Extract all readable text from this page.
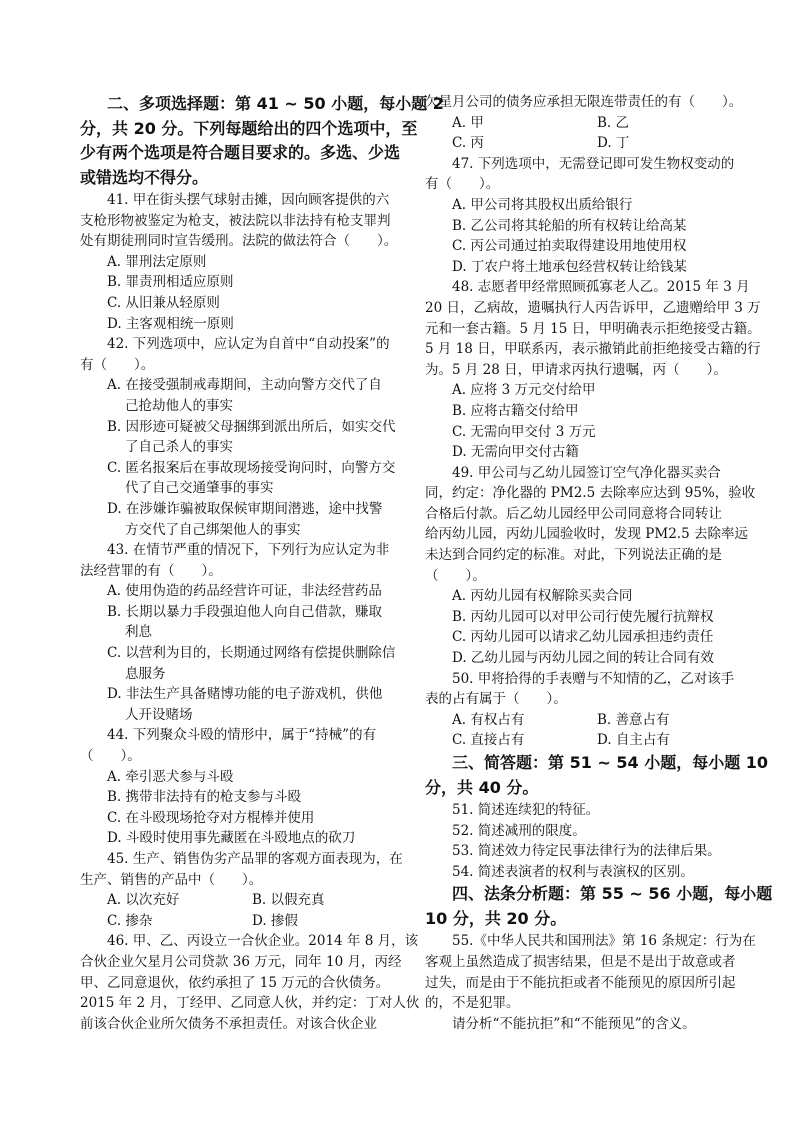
二、多项选择题：第 41 ~ 50 小题，每小题 2
分，共 20 分。下列每题给出的四个选项中，至
少有两个选项是符合题目要求的。多选、少选
或错选均不得分。
41. 甲在街头摆气球射击摊，因向顾客提供的六
支枪形物被鉴定为枪支，被法院以非法持有枪支罪判
处有期徒刑同时宣告缓刑。法院的做法符合（　　）。
A. 罪刑法定原则
B. 罪责刑相适应原则
C. 从旧兼从轻原则
D. 主客观相统一原则
42. 下列选项中，应认定为自首中“自动投案”的
有（　　）。
A. 在接受强制戒毒期间，主动向警方交代了自
己抢劫他人的事实
B. 因形迹可疑被父母捆绑到派出所后，如实交代
了自己杀人的事实
C. 匿名报案后在事故现场接受询问时，向警方交
代了自己交通肇事的事实
D. 在涉嫌诈骗被取保候审期间潜逃，途中找警
方交代了自己绑架他人的事实
43. 在情节严重的情况下，下列行为应认定为非
法经营罪的有（　　）。
A. 使用伪造的药品经营许可证，非法经营药品
B. 长期以暴力手段强迫他人向自己借款，赚取
利息
C. 以营利为目的，长期通过网络有偿提供删除信
息服务
D. 非法生产具备赌博功能的电子游戏机，供他
人开设赌场
44. 下列聚众斗殴的情形中，属于“持械”的有
（　　）。
A. 牵引恶犬参与斗殴
B. 携带非法持有的枪支参与斗殴
C. 在斗殴现场抢夺对方棍棒并使用
D. 斗殴时使用事先藏匿在斗殴地点的砍刀
45. 生产、销售伪劣产品罪的客观方面表现为，在
生产、销售的产品中（　　）。
A. 以次充好	B. 以假充真
C. 掺杂	D. 掺假
46. 甲、乙、丙设立一合伙企业。2014 年 8 月，该
合伙企业欠星月公司贷款 36 万元，同年 10 月，丙经
甲、乙同意退伙，依约承担了 15 万元的合伙债务。
2015 年 2 月，丁经甲、乙同意人伙，并约定：丁对人伙
前该合伙企业所欠债务不承担责任。对该合伙企业
欠星月公司的债务应承担无限连带责任的有（　　）。
A. 甲	B. 乙
C. 丙	D. 丁
47. 下列选项中，无需登记即可发生物权变动的
有（　　）。
A. 甲公司将其股权出质给银行
B. 乙公司将其轮船的所有权转让给高某
C. 丙公司通过拍卖取得建设用地使用权
D. 丁农户将土地承包经营权转让给钱某
48. 志愿者甲经常照顾孤寡老人乙。2015 年 3 月
20 日，乙病故，遗嘱执行人丙告诉甲，乙遗赠给甲 3 万
元和一套古籍。5 月 15 日，甲明确表示拒绝接受古籍。
5 月 18 日，甲联系丙，表示撤销此前拒绝接受古籍的行
为。5 月 28 日，甲请求丙执行遗嘱，丙（　　）。
A. 应将 3 万元交付给甲
B. 应将古籍交付给甲
C. 无需向甲交付 3 万元
D. 无需向甲交付古籍
49. 甲公司与乙幼儿园签订空气净化器买卖合
同，约定：净化器的 PM2.5 去除率应达到 95%，验收
合格后付款。后乙幼儿园经甲公司同意将合同转让
给丙幼儿园，丙幼儿园验收时，发现 PM2.5 去除率远
未达到合同约定的标准。对此，下列说法正确的是
（　　）。
A. 丙幼儿园有权解除买卖合同
B. 丙幼儿园可以对甲公司行使先履行抗辩权
C. 丙幼儿园可以请求乙幼儿园承担违约责任
D. 乙幼儿园与丙幼儿园之间的转让合同有效
50. 甲将拾得的手表赠与不知情的乙，乙对该手
表的占有属于（　　）。
A. 有权占有	B. 善意占有
C. 直接占有	D. 自主占有
三、简答题：第 51 ~ 54 小题，每小题 10
分，共 40 分。
51. 简述连续犯的特征。
52. 简述减刑的限度。
53. 简述效力待定民事法律行为的法律后果。
54. 简述表演者的权利与表演权的区别。
四、法条分析题：第 55 ~ 56 小题，每小题
10 分，共 20 分。
55.《中华人民共和国刑法》第 16 条规定：行为在
客观上虽然造成了损害结果，但是不是出于故意或者
过失，而是由于不能抗拒或者不能预见的原因所引起
的，不是犯罪。
请分析“不能抗拒”和“不能预见”的含义。
